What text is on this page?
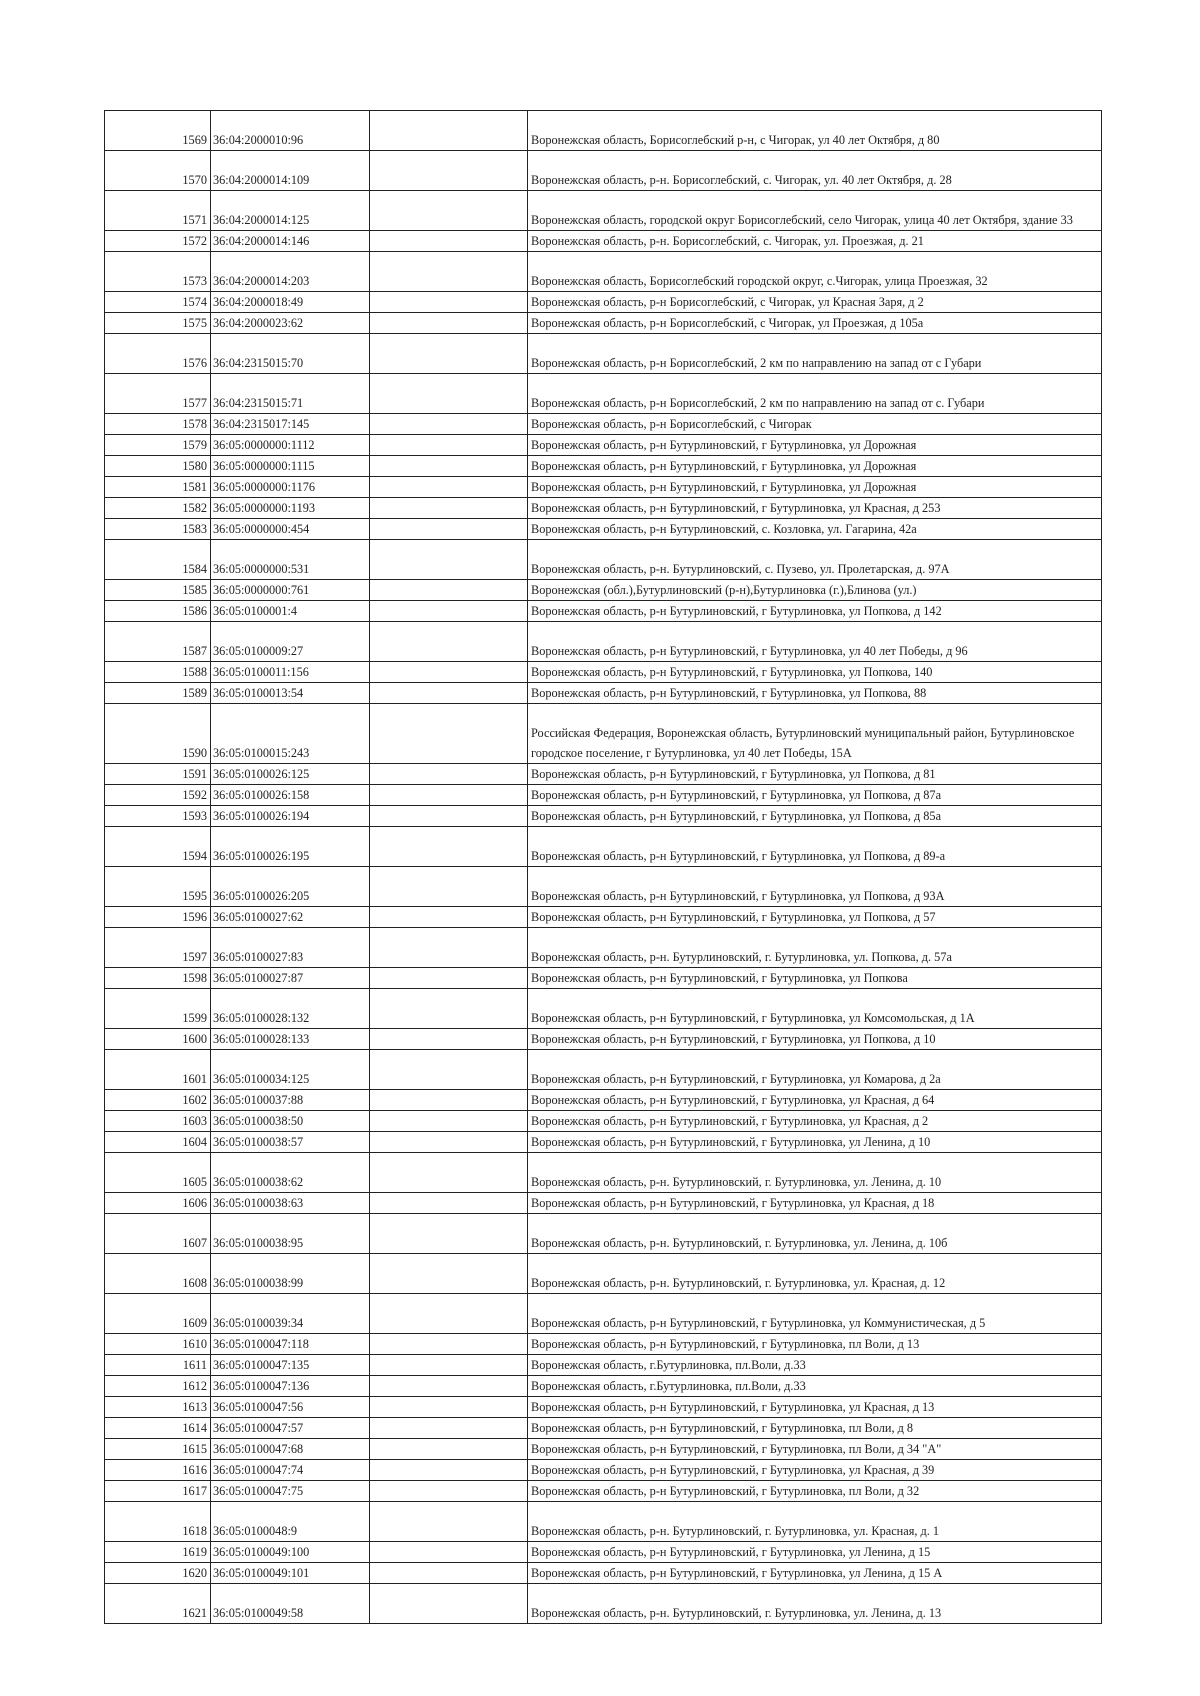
1569	36:04:2000010:96		Воронежская область, Борисоглебский р-н, с Чигорак, ул 40 лет Октября, д 80
1570	36:04:2000014:109		Воронежская область, р-н. Борисоглебский, с. Чигорак, ул. 40 лет Октября, д. 28
1571	36:04:2000014:125		Воронежская область, городской округ Борисоглебский, село Чигорак, улица 40 лет Октября, здание 33
1572	36:04:2000014:146		Воронежская область, р-н. Борисоглебский, с. Чигорак, ул. Проезжая, д. 21
1573	36:04:2000014:203		Воронежская область, Борисоглебский городской округ, с.Чигорак, улица Проезжая, 32
1574	36:04:2000018:49		Воронежская область, р-н Борисоглебский, с Чигорак, ул Красная Заря, д 2
1575	36:04:2000023:62		Воронежская область, р-н Борисоглебский, с Чигорак, ул Проезжая, д 105а
1576	36:04:2315015:70		Воронежская область, р-н Борисоглебский, 2 км по направлению на запад от с Губари
1577	36:04:2315015:71		Воронежская область, р-н Борисоглебский, 2 км по направлению на запад от с. Губари
1578	36:04:2315017:145		Воронежская область, р-н Борисоглебский, с Чигорак
1579	36:05:0000000:1112		Воронежская область, р-н Бутурлиновский, г Бутурлиновка, ул Дорожная
1580	36:05:0000000:1115		Воронежская область, р-н Бутурлиновский, г Бутурлиновка, ул Дорожная
1581	36:05:0000000:1176		Воронежская область, р-н Бутурлиновский, г Бутурлиновка, ул Дорожная
1582	36:05:0000000:1193		Воронежская область, р-н Бутурлиновский, г Бутурлиновка, ул Красная, д 253
1583	36:05:0000000:454		Воронежская область, р-н Бутурлиновский, с. Козловка, ул. Гагарина, 42а
1584	36:05:0000000:531		Воронежская область, р-н. Бутурлиновский, с. Пузево, ул. Пролетарская, д. 97А
1585	36:05:0000000:761		Воронежская (обл.),Бутурлиновский (р-н),Бутурлиновка (г.),Блинова (ул.)
1586	36:05:0100001:4		Воронежская область, р-н Бутурлиновский, г Бутурлиновка, ул Попкова, д 142
1587	36:05:0100009:27		Воронежская область, р-н Бутурлиновский, г Бутурлиновка, ул 40 лет Победы, д 96
1588	36:05:0100011:156		Воронежская область, р-н Бутурлиновский, г Бутурлиновка, ул Попкова, 140
1589	36:05:0100013:54		Воронежская область, р-н Бутурлиновский, г Бутурлиновка, ул Попкова, 88
1590	36:05:0100015:243		Российская Федерация, Воронежская область, Бутурлиновский муниципальный район, Бутурлиновское городское поселение, г Бутурлиновка, ул 40 лет Победы, 15А
1591	36:05:0100026:125		Воронежская область, р-н Бутурлиновский, г Бутурлиновка, ул Попкова, д 81
1592	36:05:0100026:158		Воронежская область, р-н Бутурлиновский, г Бутурлиновка, ул Попкова, д 87а
1593	36:05:0100026:194		Воронежская область, р-н Бутурлиновский, г Бутурлиновка, ул Попкова, д 85а
1594	36:05:0100026:195		Воронежская область, р-н Бутурлиновский, г Бутурлиновка, ул Попкова, д 89-а
1595	36:05:0100026:205		Воронежская область, р-н Бутурлиновский, г Бутурлиновка, ул Попкова, д 93А
1596	36:05:0100027:62		Воронежская область, р-н Бутурлиновский, г Бутурлиновка, ул Попкова, д 57
1597	36:05:0100027:83		Воронежская область, р-н. Бутурлиновский, г. Бутурлиновка, ул. Попкова, д. 57а
1598	36:05:0100027:87		Воронежская область, р-н Бутурлиновский, г Бутурлиновка, ул Попкова
1599	36:05:0100028:132		Воронежская область, р-н Бутурлиновский, г Бутурлиновка, ул Комсомольская, д 1А
1600	36:05:0100028:133		Воронежская область, р-н Бутурлиновский, г Бутурлиновка, ул Попкова, д 10
1601	36:05:0100034:125		Воронежская область, р-н Бутурлиновский, г Бутурлиновка, ул Комарова, д 2а
1602	36:05:0100037:88		Воронежская область, р-н Бутурлиновский, г Бутурлиновка, ул Красная, д 64
1603	36:05:0100038:50		Воронежская область, р-н Бутурлиновский, г Бутурлиновка, ул Красная, д 2
1604	36:05:0100038:57		Воронежская область, р-н Бутурлиновский, г Бутурлиновка, ул Ленина, д 10
1605	36:05:0100038:62		Воронежская область, р-н. Бутурлиновский, г. Бутурлиновка, ул. Ленина, д. 10
1606	36:05:0100038:63		Воронежская область, р-н Бутурлиновский, г Бутурлиновка, ул Красная, д 18
1607	36:05:0100038:95		Воронежская область, р-н. Бутурлиновский, г. Бутурлиновка, ул. Ленина, д. 10б
1608	36:05:0100038:99		Воронежская область, р-н. Бутурлиновский, г. Бутурлиновка, ул. Красная, д. 12
1609	36:05:0100039:34		Воронежская область, р-н Бутурлиновский, г Бутурлиновка, ул Коммунистическая, д 5
1610	36:05:0100047:118		Воронежская область, р-н Бутурлиновский, г Бутурлиновка, пл Воли, д 13
1611	36:05:0100047:135		Воронежская область, г.Бутурлиновка, пл.Воли, д.33
1612	36:05:0100047:136		Воронежская область, г.Бутурлиновка, пл.Воли, д.33
1613	36:05:0100047:56		Воронежская область, р-н Бутурлиновский, г Бутурлиновка, ул Красная, д 13
1614	36:05:0100047:57		Воронежская область, р-н Бутурлиновский, г Бутурлиновка, пл Воли, д 8
1615	36:05:0100047:68		Воронежская область, р-н Бутурлиновский, г Бутурлиновка, пл Воли, д 34 "А"
1616	36:05:0100047:74		Воронежская область, р-н Бутурлиновский, г Бутурлиновка, ул Красная, д 39
1617	36:05:0100047:75		Воронежская область, р-н Бутурлиновский, г Бутурлиновка, пл Воли, д 32
1618	36:05:0100048:9		Воронежская область, р-н. Бутурлиновский, г. Бутурлиновка, ул. Красная, д. 1
1619	36:05:0100049:100		Воронежская область, р-н Бутурлиновский, г Бутурлиновка, ул Ленина, д 15
1620	36:05:0100049:101		Воронежская область, р-н Бутурлиновский, г Бутурлиновка, ул Ленина, д 15 А
1621	36:05:0100049:58		Воронежская область, р-н. Бутурлиновский, г. Бутурлиновка, ул. Ленина, д. 13
